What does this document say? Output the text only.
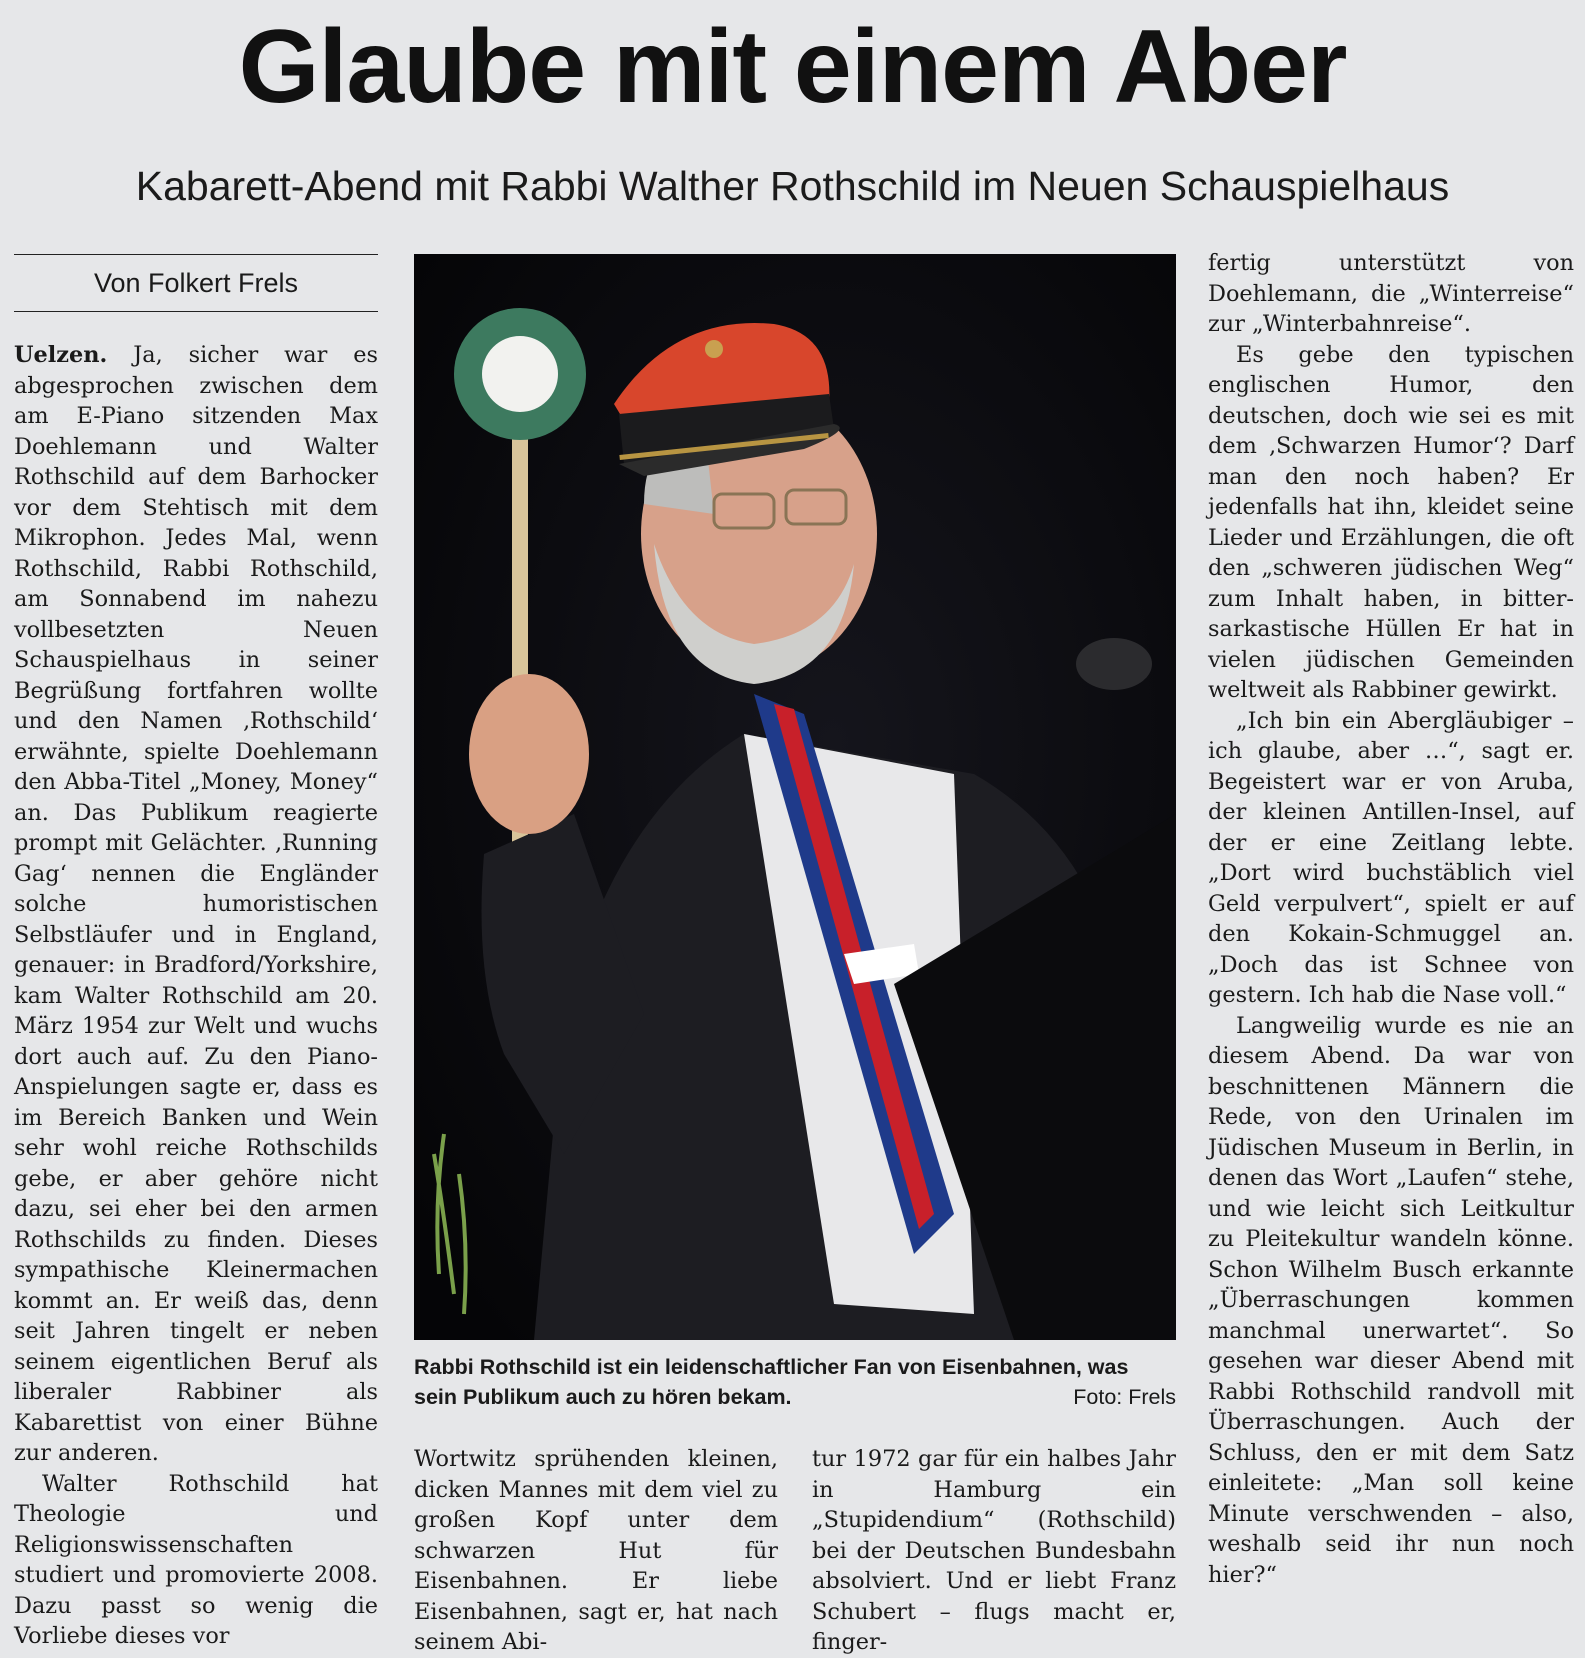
Glaube mit einem Aber
Kabarett-Abend mit Rabbi Walther Rothschild im Neuen Schauspielhaus
Von Folkert Frels

Uelzen. Ja, sicher war es abgesprochen zwischen dem am E-Piano sitzenden Max Doehlemann und Walter Rothschild auf dem Barhocker vor dem Stehtisch mit dem Mikrophon. Jedes Mal, wenn Rothschild, Rabbi Rothschild, am Sonnabend im nahezu vollbesetzten Neuen Schauspielhaus in seiner Begrüßung fortfahren wollte und den Namen ‚Rothschild‘ erwähnte, spielte Doehlemann den Abba-Titel „Money, Money“ an. Das Publikum reagierte prompt mit Gelächter. ‚Running Gag‘ nennen die Engländer solche humoristischen Selbstläufer und in England, genauer: in Bradford/Yorkshire, kam Walter Rothschild am 20. März 1954 zur Welt und wuchs dort auch auf. Zu den Piano-Anspielungen sagte er, dass es im Bereich Banken und Wein sehr wohl reiche Rothschilds gebe, er aber gehöre nicht dazu, sei eher bei den armen Rothschilds zu finden. Dieses sympathische Kleinermachen kommt an. Er weiß das, denn seit Jahren tingelt er neben seinem eigentlichen Beruf als liberaler Rabbiner als Kabarettist von einer Bühne zur anderen.

Walter Rothschild hat Theologie und Religionswissenschaften studiert und promovierte 2008. Dazu passt so wenig die Vorliebe dieses vor

Rabbi Rothschild ist ein leidenschaftlicher Fan von Eisenbahnen, was sein Publikum auch zu hören bekam.	Foto: Frels

Wortwitz sprühenden kleinen, dicken Mannes mit dem viel zu großen Kopf unter dem schwarzen Hut für Eisenbahnen. Er liebe Eisenbahnen, sagt er, hat nach seinem Abi-

tur 1972 gar für ein halbes Jahr in Hamburg ein „Stupidendium“ (Rothschild) bei der Deutschen Bundesbahn absolviert. Und er liebt Franz Schubert – flugs macht er, finger-

fertig unterstützt von Doehlemann, die „Winterreise“ zur „Winterbahnreise“.

Es gebe den typischen englischen Humor, den deutschen, doch wie sei es mit dem ‚Schwarzen Humor‘? Darf man den noch haben? Er jedenfalls hat ihn, kleidet seine Lieder und Erzählungen, die oft den „schweren jüdischen Weg“ zum Inhalt haben, in bitter-sarkastische Hüllen Er hat in vielen jüdischen Gemeinden weltweit als Rabbiner gewirkt.

„Ich bin ein Abergläubiger – ich glaube, aber …“, sagt er. Begeistert war er von Aruba, der kleinen Antillen-Insel, auf der er eine Zeitlang lebte. „Dort wird buchstäblich viel Geld verpulvert“, spielt er auf den Kokain-Schmuggel an. „Doch das ist Schnee von gestern. Ich hab die Nase voll.“

Langweilig wurde es nie an diesem Abend. Da war von beschnittenen Männern die Rede, von den Urinalen im Jüdischen Museum in Berlin, in denen das Wort „Laufen“ stehe, und wie leicht sich Leitkultur zu Pleitekultur wandeln könne. Schon Wilhelm Busch erkannte „Überraschungen kommen manchmal unerwartet“. So gesehen war dieser Abend mit Rabbi Rothschild randvoll mit Überraschungen. Auch der Schluss, den er mit dem Satz einleitete: „Man soll keine Minute verschwenden – also, weshalb seid ihr nun noch hier?“
